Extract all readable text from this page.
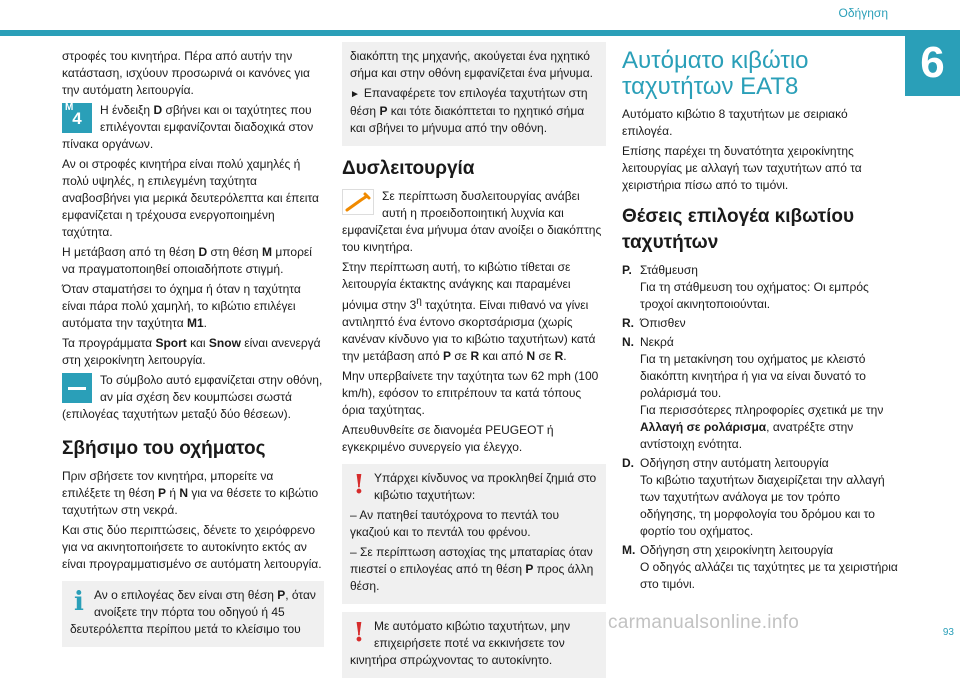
Οδήγηση
6

στροφές του κινητήρα. Πέρα από αυτήν την κατάσταση, ισχύουν προσωρινά οι κανόνες για την αυτόματη λειτουργία.

M
4	Η ένδειξη D σβήνει και οι ταχύτητες που επιλέγονται εμφανίζονται διαδοχικά στον πίνακα οργάνων.

Αν οι στροφές κινητήρα είναι πολύ χαμηλές ή πολύ υψηλές, η επιλεγμένη ταχύτητα αναβοσβήνει για μερικά δευτερόλεπτα και έπειτα εμφανίζεται η τρέχουσα ενεργοποιημένη ταχύτητα.

Η μετάβαση από τη θέση D στη θέση M μπορεί να πραγματοποιηθεί οποιαδήποτε στιγμή.

Όταν σταματήσει το όχημα ή όταν η ταχύτητα είναι πάρα πολύ χαμηλή, το κιβώτιο επιλέγει αυτόματα την ταχύτητα M1.

Τα προγράμματα Sport και Snow είναι ανενεργά στη χειροκίνητη λειτουργία.

Το σύμβολο αυτό εμφανίζεται στην οθόνη, αν μία σχέση δεν κουμπώσει σωστά (επιλογέας ταχυτήτων μεταξύ δύο θέσεων).

Σβήσιμο του οχήματος

Πριν σβήσετε τον κινητήρα, μπορείτε να επιλέξετε τη θέση P ή N για να θέσετε το κιβώτιο ταχυτήτων στη νεκρά.

Και στις δύο περιπτώσεις, δένετε το χειρόφρενο για να ακινητοποιήσετε το αυτοκίνητο εκτός αν είναι προγραμματισμένο σε αυτόματη λειτουργία.

i Αν ο επιλογέας δεν είναι στη θέση P, όταν ανοίξετε την πόρτα του οδηγού ή 45 δευτερόλεπτα περίπου μετά το κλείσιμο του

διακόπτη της μηχανής, ακούγεται ένα ηχητικό σήμα και στην οθόνη εμφανίζεται ένα μήνυμα.

► Επαναφέρετε τον επιλογέα ταχυτήτων στη θέση P και τότε διακόπτεται το ηχητικό σήμα και σβήνει το μήνυμα από την οθόνη.

Δυσλειτουργία

Σε περίπτωση δυσλειτουργίας ανάβει αυτή η προειδοποιητική λυχνία και εμφανίζεται ένα μήνυμα όταν ανοίξει ο διακόπτης του κινητήρα.

Στην περίπτωση αυτή, το κιβώτιο τίθεται σε λειτουργία έκτακτης ανάγκης και παραμένει μόνιμα στην $3^\eta$ ταχύτητα. Είναι πιθανό να γίνει αντιληπτό ένα έντονο σκορτσάρισμα (χωρίς κανέναν κίνδυνο για το κιβώτιο ταχυτήτων) κατά την μετάβαση από P σε R και από N σε R.

Μην υπερβαίνετε την ταχύτητα των 62 mph (100 km/h), εφόσον το επιτρέπουν τα κατά τόπους όρια ταχύτητας.

Απευθυνθείτε σε διανομέα PEUGEOT ή εγκεκριμένο συνεργείο για έλεγχο.

! Υπάρχει κίνδυνος να προκληθεί ζημιά στο κιβώτιο ταχυτήτων:

– Αν πατηθεί ταυτόχρονα το πεντάλ του γκαζιού και το πεντάλ του φρένου.

– Σε περίπτωση αστοχίας της μπαταρίας όταν πιεστεί ο επιλογέας από τη θέση P προς άλλη θέση.

! Με αυτόματο κιβώτιο ταχυτήτων, μην επιχειρήσετε ποτέ να εκκινήσετε τον κινητήρα σπρώχνοντας το αυτοκίνητο.

Αυτόματο κιβώτιο ταχυτήτων EAT8

Αυτόματο κιβώτιο 8 ταχυτήτων με σειριακό επιλογέα.

Επίσης παρέχει τη δυνατότητα χειροκίνητης λειτουργίας με αλλαγή των ταχυτήτων από τα χειριστήρια πίσω από το τιμόνι.

Θέσεις επιλογέα κιβωτίου ταχυτήτων
P. Στάθμευση
Για τη στάθμευση του οχήματος: Οι εμπρός τροχοί ακινητοποιούνται.
R. Όπισθεν
N. Νεκρά
Για τη μετακίνηση του οχήματος με κλειστό διακόπτη κινητήρα ή για να είναι δυνατό το ρολάρισμά του.
Για περισσότερες πληροφορίες σχετικά με την Αλλαγή σε ρολάρισμα, ανατρέξτε στην αντίστοιχη ενότητα.
D. Οδήγηση στην αυτόματη λειτουργία
Το κιβώτιο ταχυτήτων διαχειρίζεται την αλλαγή των ταχυτήτων ανάλογα με τον τρόπο οδήγησης, τη μορφολογία του δρόμου και το φορτίο του οχήματος.
M. Οδήγηση στη χειροκίνητη λειτουργία
Ο οδηγός αλλάζει τις ταχύτητες με τα χειριστήρια στο τιμόνι.
carmanualsonline.info	93
